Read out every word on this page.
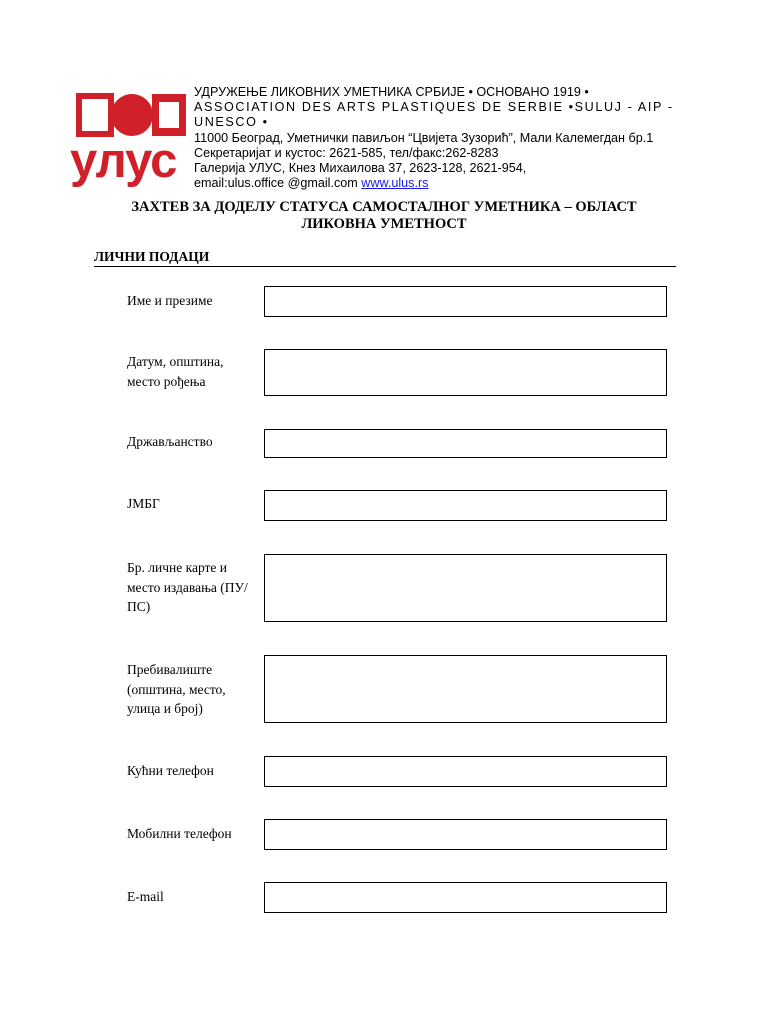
улус
УДРУЖЕЊЕ ЛИКОВНИХ УМЕТНИКА СРБИЈЕ • ОСНОВАНО 1919 •
ASSOCIATION DES ARTS PLASTIQUES DE SERBIE •SULUJ - AIP -
UNESCO •
11000 Београд, Уметнички павиљон “Цвијета Зузорић”, Мали Калемегдан бр.1
Секретаријат и кустос: 2621-585, тел/факс:262-8283
Галерија УЛУС, Кнез Михаилова 37, 2623-128, 2621-954,
email:ulus.office @gmail.com www.ulus.rs
ЗАХТЕВ ЗА ДОДЕЛУ СТАТУСА САМОСТАЛНОГ УМЕТНИКА – ОБЛАСТ
ЛИКОВНА УМЕТНОСТ
ЛИЧНИ ПОДАЦИ
Име и презиме
Датум, општина, место рођења
Држављанство
ЈМБГ
Бр. личне карте и место издавања (ПУ/ПС)
Пребивалиште (општина, место, улица и број)
Кућни телефон
Мобилни телефон
E-mail
